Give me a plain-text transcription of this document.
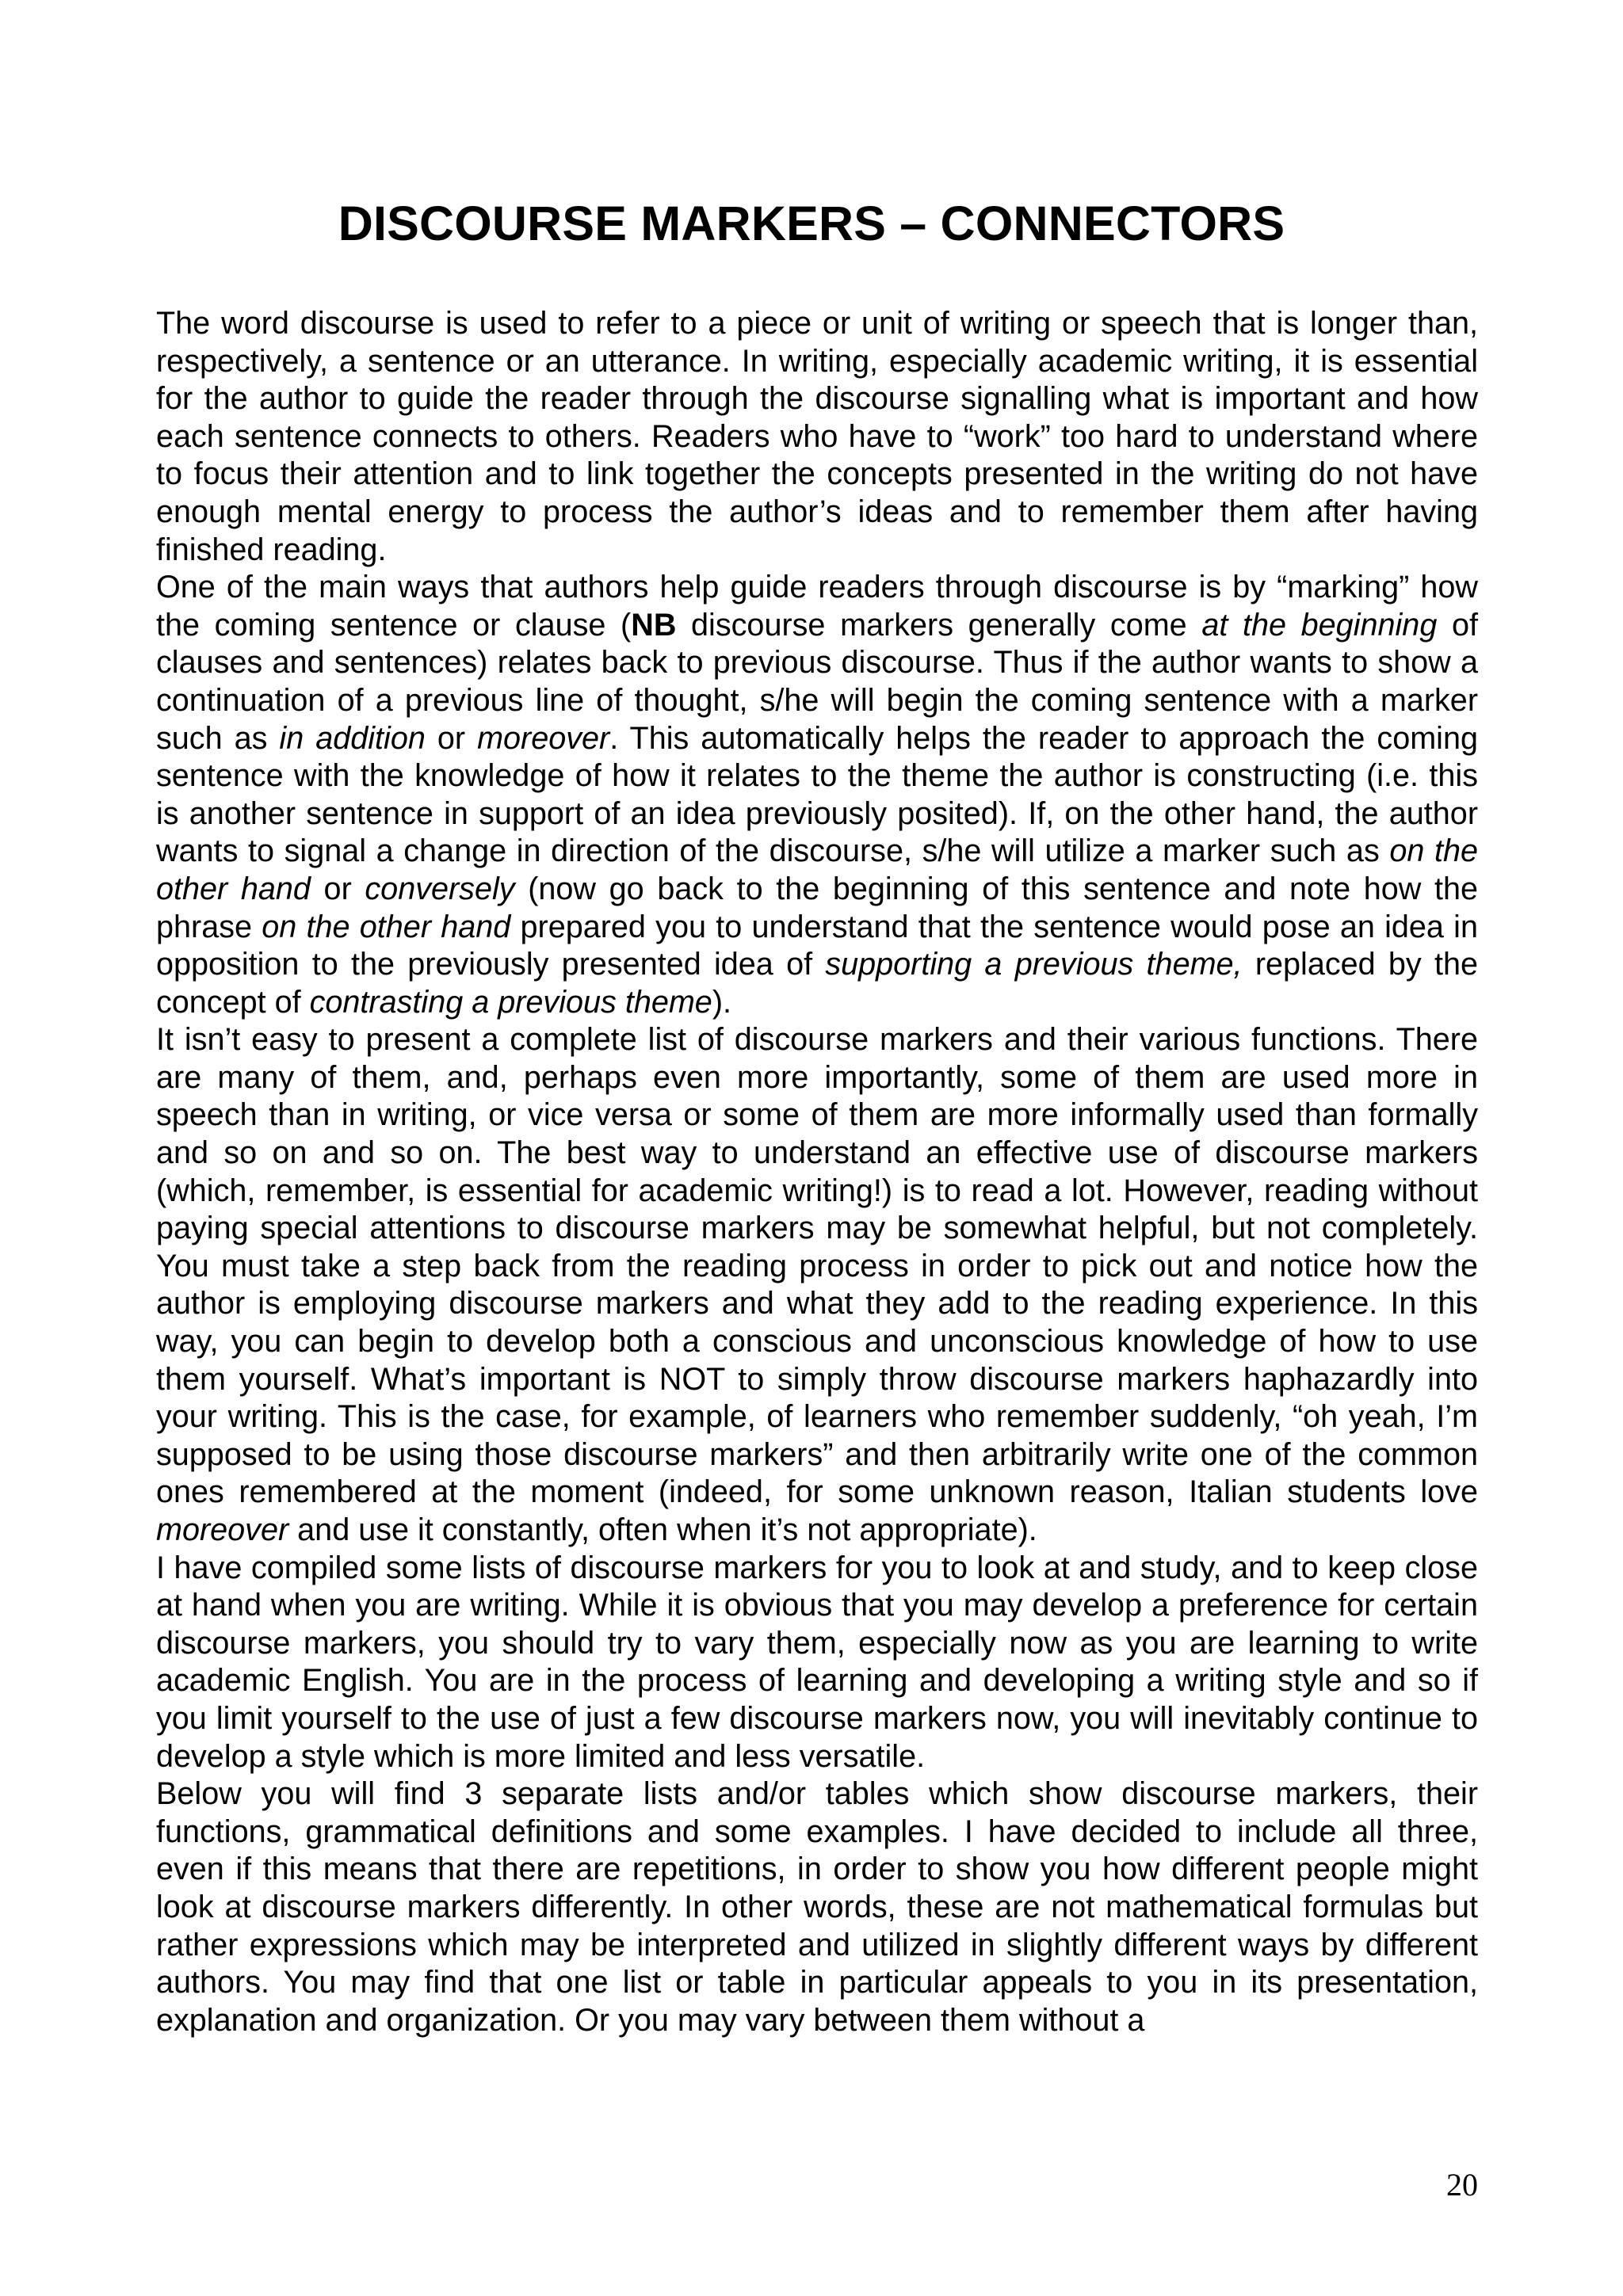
DISCOURSE MARKERS – CONNECTORS

The word discourse is used to refer to a piece or unit of writing or speech that is longer than, respectively, a sentence or an utterance. In writing, especially academic writing, it is essential for the author to guide the reader through the discourse signalling what is important and how each sentence connects to others. Readers who have to “work” too hard to understand where to focus their attention and to link together the concepts presented in the writing do not have enough mental energy to process the author’s ideas and to remember them after having finished reading.

One of the main ways that authors help guide readers through discourse is by “marking” how the coming sentence or clause (NB discourse markers generally come at the beginning of clauses and sentences) relates back to previous discourse. Thus if the author wants to show a continuation of a previous line of thought, s/he will begin the coming sentence with a marker such as in addition or moreover. This automatically helps the reader to approach the coming sentence with the knowledge of how it relates to the theme the author is constructing (i.e. this is another sentence in support of an idea previously posited). If, on the other hand, the author wants to signal a change in direction of the discourse, s/he will utilize a marker such as on the other hand or conversely (now go back to the beginning of this sentence and note how the phrase on the other hand prepared you to understand that the sentence would pose an idea in opposition to the previously presented idea of supporting a previous theme, replaced by the concept of contrasting a previous theme).

It isn’t easy to present a complete list of discourse markers and their various functions. There are many of them, and, perhaps even more importantly, some of them are used more in speech than in writing, or vice versa or some of them are more informally used than formally and so on and so on. The best way to understand an effective use of discourse markers (which, remember, is essential for academic writing!) is to read a lot. However, reading without paying special attentions to discourse markers may be somewhat helpful, but not completely. You must take a step back from the reading process in order to pick out and notice how the author is employing discourse markers and what they add to the reading experience. In this way, you can begin to develop both a conscious and unconscious knowledge of how to use them yourself. What’s important is NOT to simply throw discourse markers haphazardly into your writing. This is the case, for example, of learners who remember suddenly, “oh yeah, I’m supposed to be using those discourse markers” and then arbitrarily write one of the common ones remembered at the moment (indeed, for some unknown reason, Italian students love moreover and use it constantly, often when it’s not appropriate).

I have compiled some lists of discourse markers for you to look at and study, and to keep close at hand when you are writing. While it is obvious that you may develop a preference for certain discourse markers, you should try to vary them, especially now as you are learning to write academic English. You are in the process of learning and developing a writing style and so if you limit yourself to the use of just a few discourse markers now, you will inevitably continue to develop a style which is more limited and less versatile.

Below you will find 3 separate lists and/or tables which show discourse markers, their functions, grammatical definitions and some examples. I have decided to include all three, even if this means that there are repetitions, in order to show you how different people might look at discourse markers differently. In other words, these are not mathematical formulas but rather expressions which may be interpreted and utilized in slightly different ways by different authors. You may find that one list or table in particular appeals to you in its presentation, explanation and organization. Or you may vary between them without a

20
